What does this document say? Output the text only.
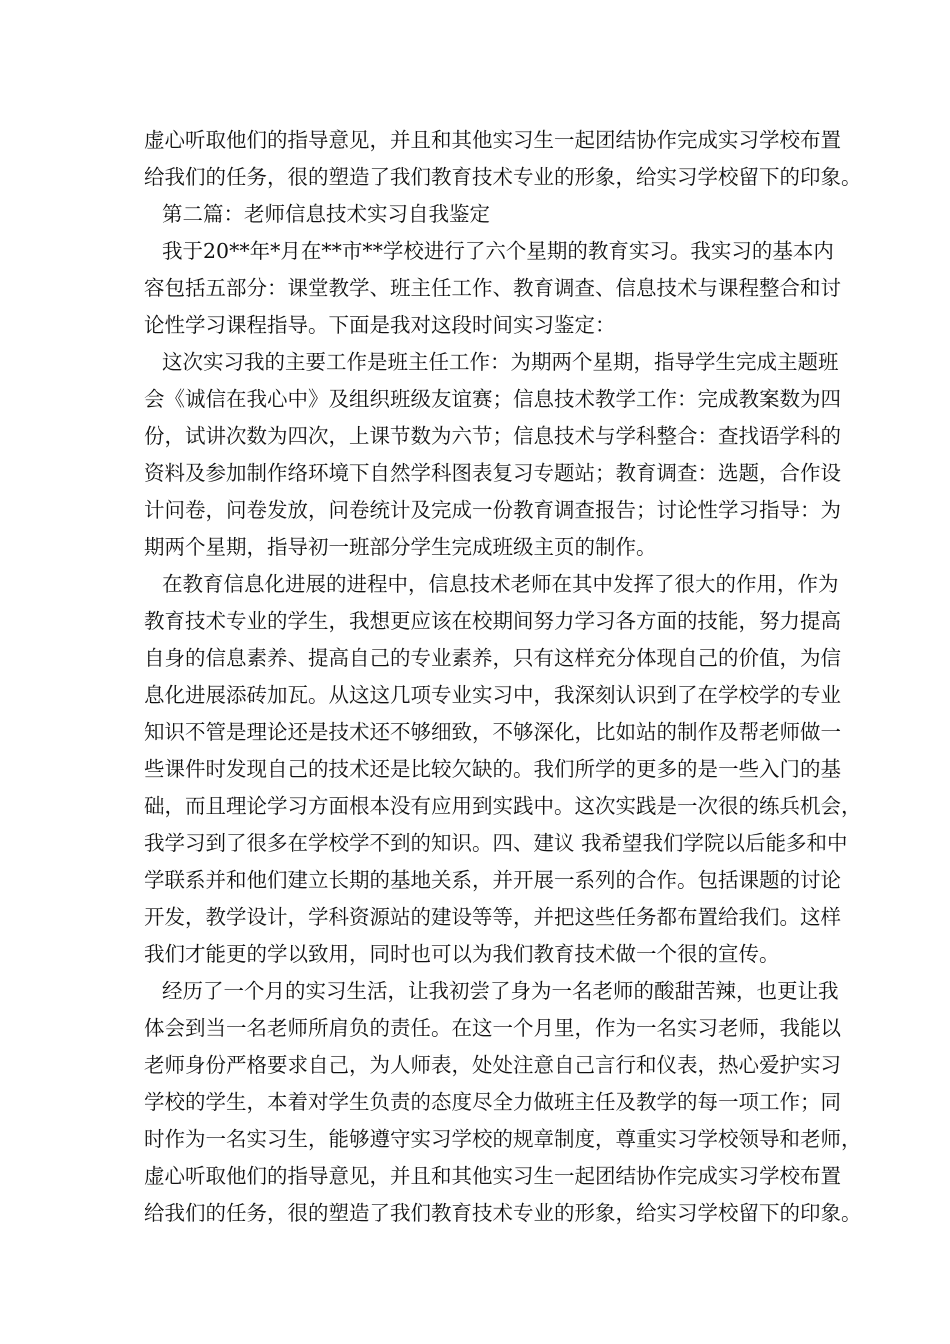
虚心听取他们的指导意见，并且和其他实习生一起团结协作完成实习学校布置
给我们的任务，很的塑造了我们教育技术专业的形象，给实习学校留下的印象。
第二篇：老师信息技术实习自我鉴定
我于20**年*月在**市**学校进行了六个星期的教育实习。我实习的基本内
容包括五部分：课堂教学、班主任工作、教育调查、信息技术与课程整合和讨
论性学习课程指导。下面是我对这段时间实习鉴定：
这次实习我的主要工作是班主任工作：为期两个星期，指导学生完成主题班
会《诚信在我心中》及组织班级友谊赛；信息技术教学工作：完成教案数为四
份，试讲次数为四次，上课节数为六节；信息技术与学科整合：查找语学科的
资料及参加制作络环境下自然学科图表复习专题站；教育调查：选题，合作设
计问卷，问卷发放，问卷统计及完成一份教育调查报告；讨论性学习指导：为
期两个星期，指导初一班部分学生完成班级主页的制作。
在教育信息化进展的进程中，信息技术老师在其中发挥了很大的作用，作为
教育技术专业的学生，我想更应该在校期间努力学习各方面的技能，努力提高
自身的信息素养、提高自己的专业素养，只有这样充分体现自己的价值，为信
息化进展添砖加瓦。从这这几项专业实习中，我深刻认识到了在学校学的专业
知识不管是理论还是技术还不够细致，不够深化，比如站的制作及帮老师做一
些课件时发现自己的技术还是比较欠缺的。我们所学的更多的是一些入门的基
础，而且理论学习方面根本没有应用到实践中。这次实践是一次很的练兵机会，
我学习到了很多在学校学不到的知识。四、建议 我希望我们学院以后能多和中
学联系并和他们建立长期的基地关系，并开展一系列的合作。包括课题的讨论
开发，教学设计，学科资源站的建设等等，并把这些任务都布置给我们。这样
我们才能更的学以致用，同时也可以为我们教育技术做一个很的宣传。
经历了一个月的实习生活，让我初尝了身为一名老师的酸甜苦辣，也更让我
体会到当一名老师所肩负的责任。在这一个月里，作为一名实习老师，我能以
老师身份严格要求自己，为人师表，处处注意自己言行和仪表，热心爱护实习
学校的学生，本着对学生负责的态度尽全力做班主任及教学的每一项工作；同
时作为一名实习生，能够遵守实习学校的规章制度，尊重实习学校领导和老师，
虚心听取他们的指导意见，并且和其他实习生一起团结协作完成实习学校布置
给我们的任务，很的塑造了我们教育技术专业的形象，给实习学校留下的印象。
